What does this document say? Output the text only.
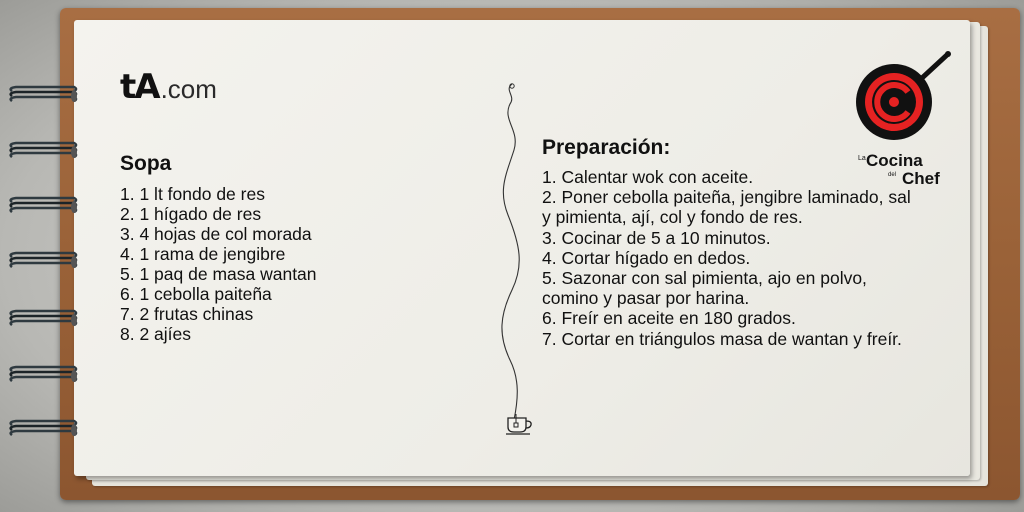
tA .com
Sopa
1. 1 lt fondo de res
2. 1 hígado de res
3. 4 hojas de col morada
4. 1 rama de jengibre
5. 1 paq de masa wantan
6. 1 cebolla paiteña
7. 2 frutas chinas
8. 2 ajíes
Preparación:
1. Calentar wok con aceite.
2. Poner cebolla paiteña, jengibre laminado, sal y pimienta, ají, col y fondo de res.
3. Cocinar de 5 a 10 minutos.
4. Cortar hígado en dedos.
5. Sazonar con sal pimienta, ajo en polvo, comino y pasar por harina.
6. Freír en aceite en 180 grados.
7. Cortar en triángulos masa de wantan y freír.
La Cocina
del Chef
